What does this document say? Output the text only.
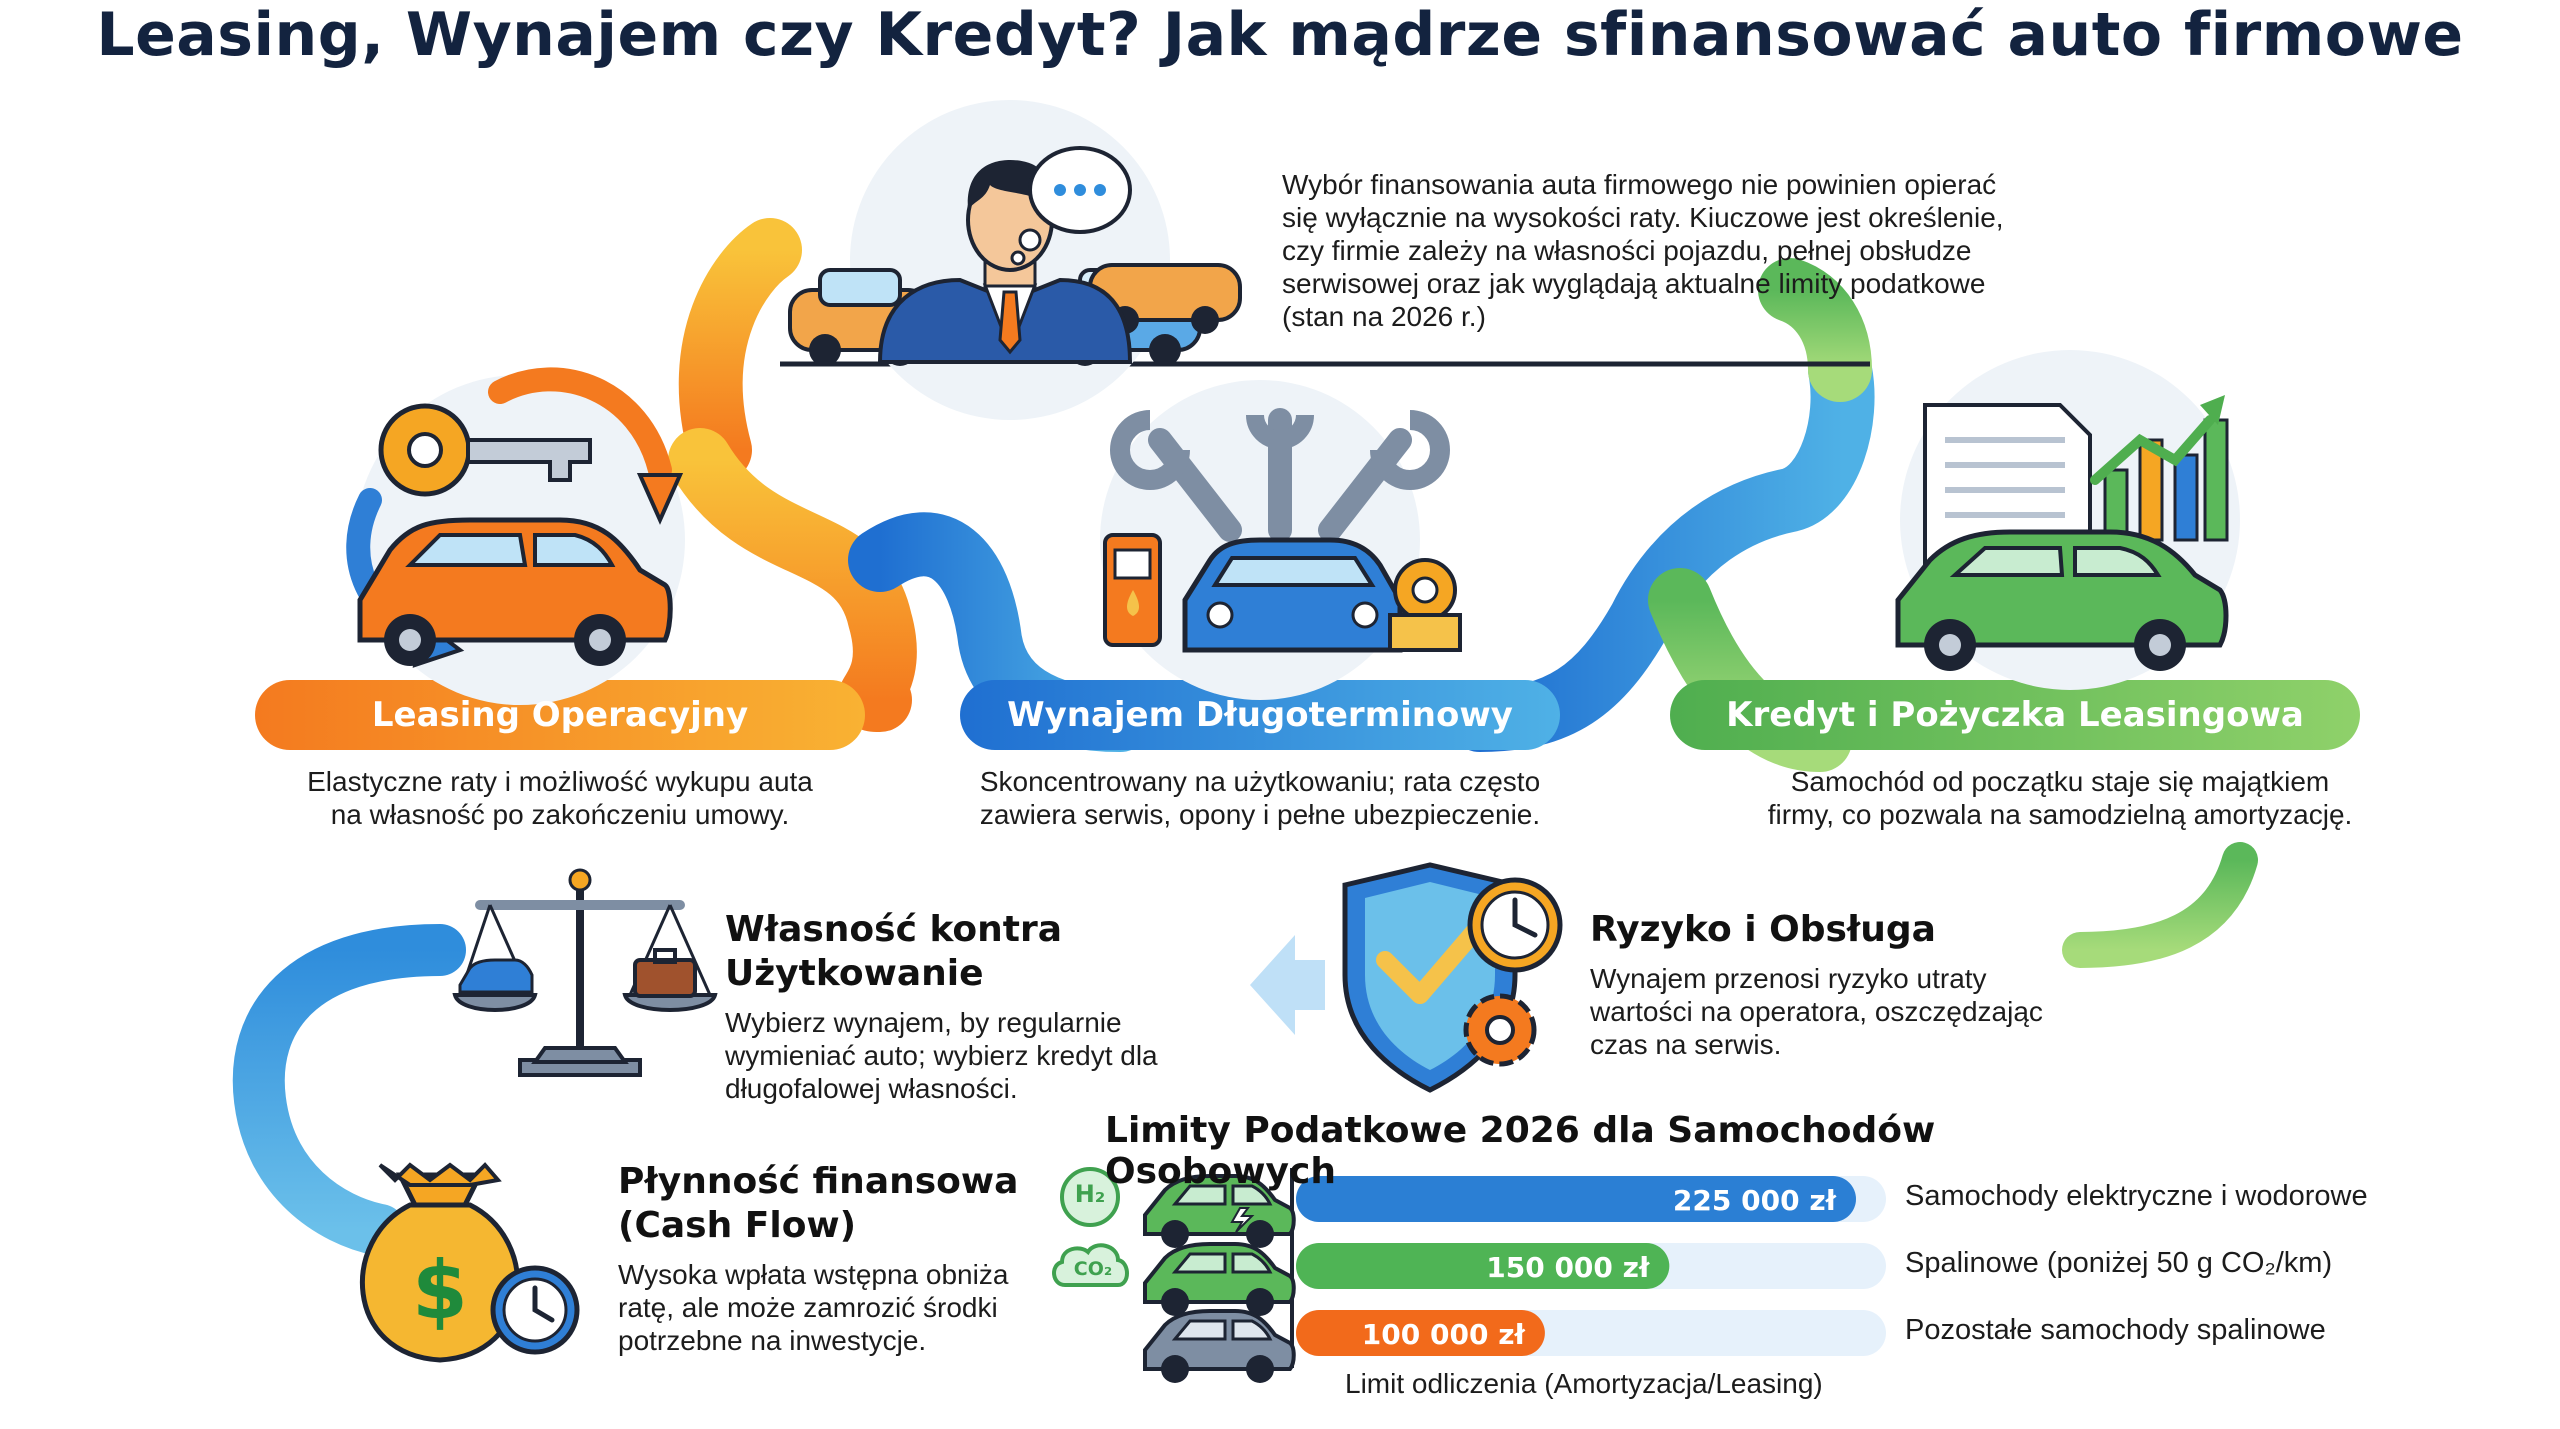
Leasing, Wynajem czy Kredyt? Jak mądrze sfinansować auto firmowe
$
H₂
CO₂
Wybór finansowania auta firmowego nie powinien opierać
się wyłącznie na wysokości raty. Kiuczowe jest określenie,
czy firmie zależy na własności pojazdu, pełnej obsłudze
serwisowej oraz jak wyglądają aktualne limity podatkowe
(stan na 2026 r.)
Leasing Operacyjny	Wynajem Długoterminowy	Kredyt i Pożyczka Leasingowa
Elastyczne raty i możliwość wykupu auta
na własność po zakończeniu umowy.
Skoncentrowany na użytkowaniu; rata często
zawiera serwis, opony i pełne ubezpieczenie.
Samochód od początku staje się majątkiem
firmy, co pozwala na samodzielną amortyzację.
Własność kontra Użytkowanie
Wybierz wynajem, by regularnie
wymieniać auto; wybierz kredyt dla
długofalowej własności.
Ryzyko i Obsługa
Wynajem przenosi ryzyko utraty
wartości na operatora, oszczędzając
czas na serwis.
Płynność finansowa
(Cash Flow)
Wysoka wpłata wstępna obniża
ratę, ale może zamrozić środki
potrzebne na inwestycje.
Limity Podatkowe 2026 dla Samochodów Osobowych
225 000 zł
150 000 zł
100 000 zł
Samochody elektryczne i wodorowe
Spalinowe (poniżej 50 g CO₂/km)
Pozostałe samochody spalinowe
Limit odliczenia (Amortyzacja/Leasing)
